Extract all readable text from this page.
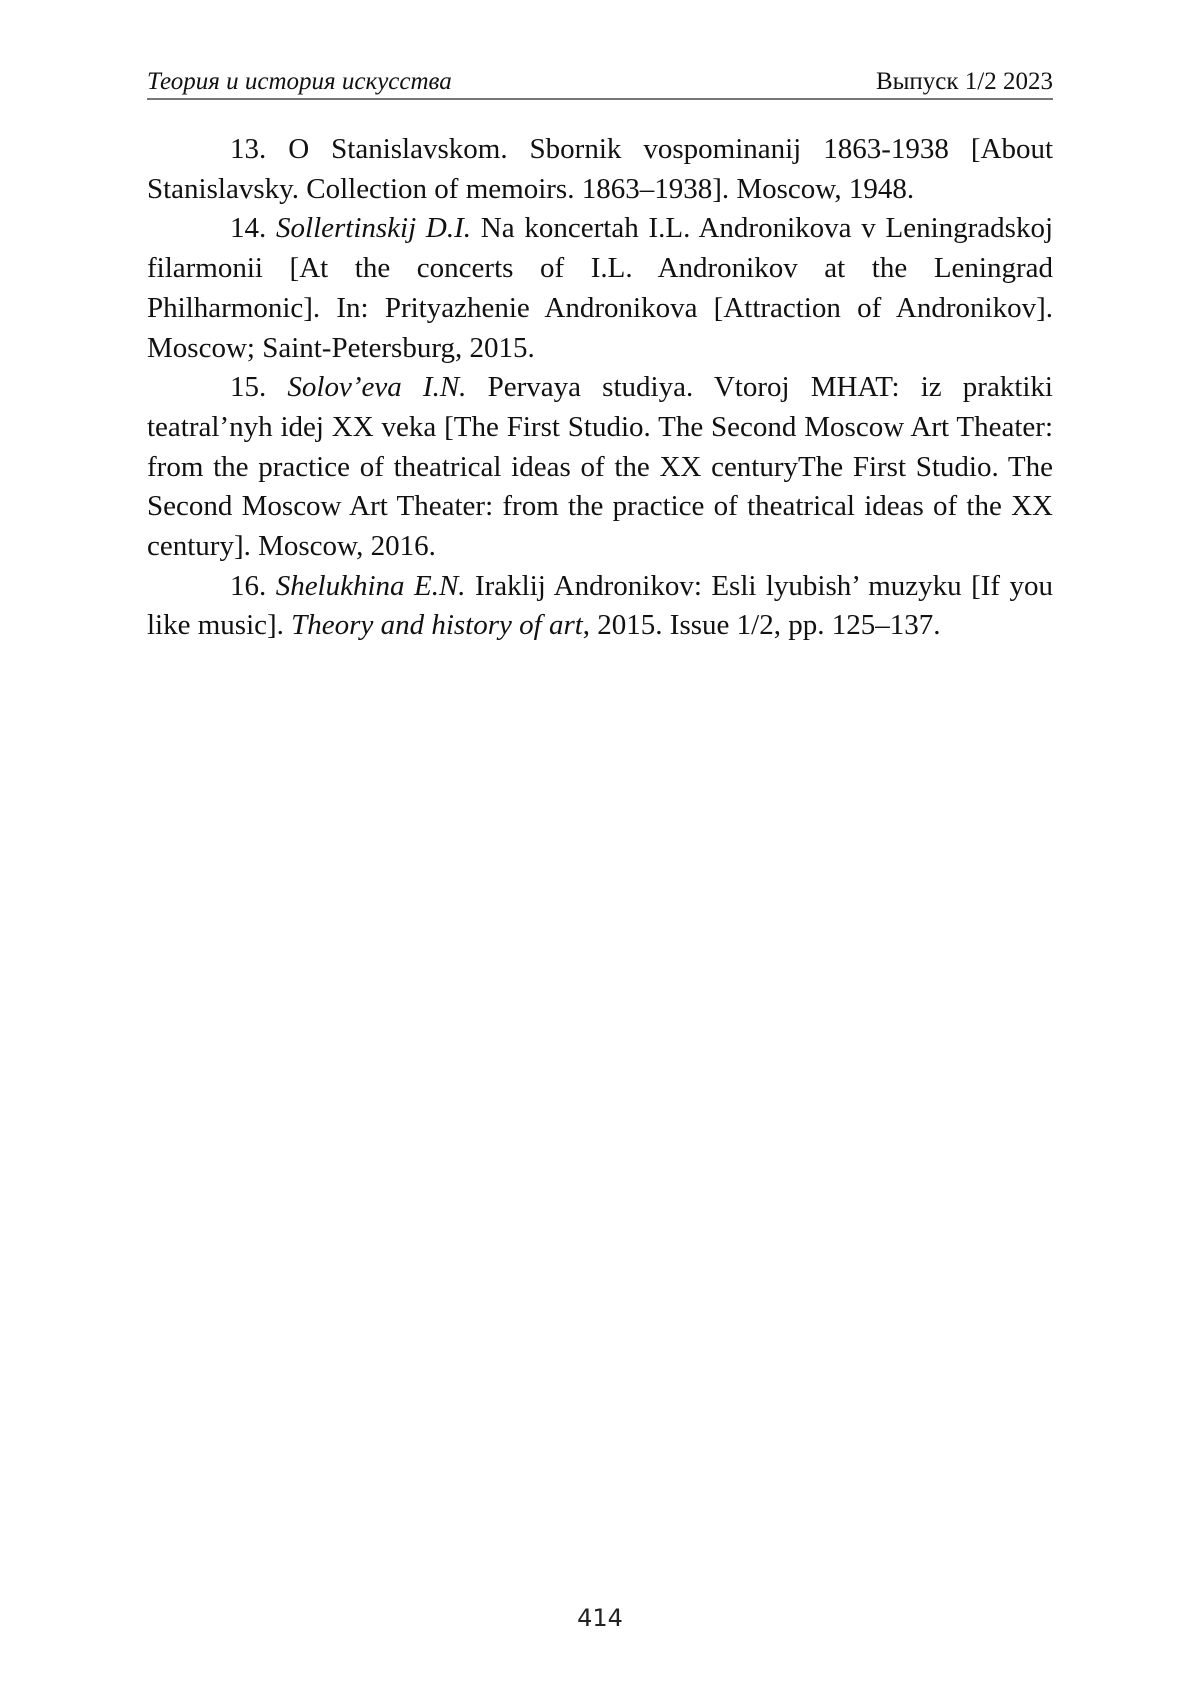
Теория и история искусства	Выпуск 1/2 2023

13. O Stanislavskom. Sbornik vospominanij 1863-1938 [About Stanislavsky. Collection of memoirs. 1863–1938]. Moscow, 1948.

14. Sollertinskij D.I. Na koncertah I.L. Andronikova v Leningradskoj filarmonii [At the concerts of I.L. Andronikov at the Leningrad Philharmonic]. In: Prityazhenie Andronikova [Attraction of Andronikov]. Moscow; Saint-Petersburg, 2015.

15. Solov’eva I.N. Pervaya studiya. Vtoroj MHAT: iz praktiki teatral’nyh idej XX veka [The First Studio. The Second Moscow Art Theater: from the practice of theatrical ideas of the XX centuryThe First Studio. The Second Moscow Art Theater: from the practice of theatrical ideas of the XX century]. Moscow, 2016.

16. Shelukhina E.N. Iraklij Andronikov: Esli lyubish’ muzyku [If you like music]. Theory and history of art, 2015. Issue 1/2, pp. 125–137.

414
